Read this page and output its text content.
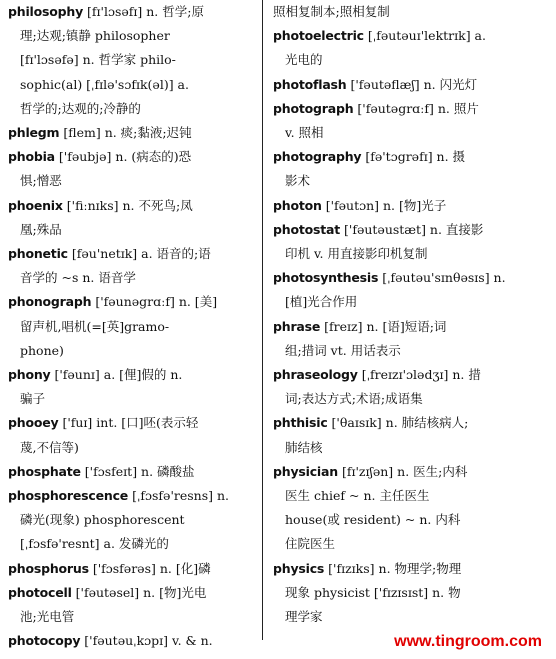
philosophy [fɪ'lɔsəfɪ] n. 哲学;原
理;达观;镇静 philosopher
[fɪ'lɔsəfə] n. 哲学家 philo-
sophic(al) [ˌfɪlə'sɔfɪk(əl)] a.
哲学的;达观的;冷静的
phlegm [flem] n. 痰;黏液;迟钝
phobia ['fəubjə] n. (病态的)恐
惧;憎恶
phoenix ['fiːnɪks] n. 不死鸟;凤
凰;殊品
phonetic [fəu'netɪk] a. 语音的;语
音学的 ~s n. 语音学
phonograph ['fəunəgrɑːf] n. [美]
留声机,唱机(=[英]gramo-
phone)
phony ['fəunɪ] a. [俚]假的 n.
骗子
phooey ['fuɪ] int. [口]呸(表示轻
蔑,不信等)
phosphate ['fɔsfeɪt] n. 磷酸盐
phosphorescence [ˌfɔsfə'resns] n.
磷光(现象) phosphorescent
[ˌfɔsfə'resnt] a. 发磷光的
phosphorus ['fɔsfərəs] n. [化]磷
photocell ['fəutəsel] n. [物]光电
池;光电管
photocopy ['fəutəuˌkɔpɪ] v. & n.
照相复制本;照相复制
photoelectric [ˌfəutəuɪ'lektrɪk] a.
光电的
photoflash ['fəutəflæʃ] n. 闪光灯
photograph ['fəutəgrɑːf] n. 照片
v. 照相
photography [fə'tɔgrəfɪ] n. 摄
影术
photon ['fəutɔn] n. [物]光子
photostat ['fəutəustæt] n. 直接影
印机 v. 用直接影印机复制
photosynthesis [ˌfəutəu'sɪnθəsɪs] n.
[植]光合作用
phrase [freɪz] n. [语]短语;词
组;措词 vt. 用话表示
phraseology [ˌfreɪzɪ'ɔlədʒɪ] n. 措
词;表达方式;术语;成语集
phthisic ['θaɪsɪk] n. 肺结核病人;
肺结核
physician [fɪ'zɪʃən] n. 医生;内科
医生 chief ~ n. 主任医生
house(或 resident) ~ n. 内科
住院医生
physics ['fɪzɪks] n. 物理学;物理
现象 physicist ['fɪzɪsɪst] n. 物
理学家
www.tingroom.com
